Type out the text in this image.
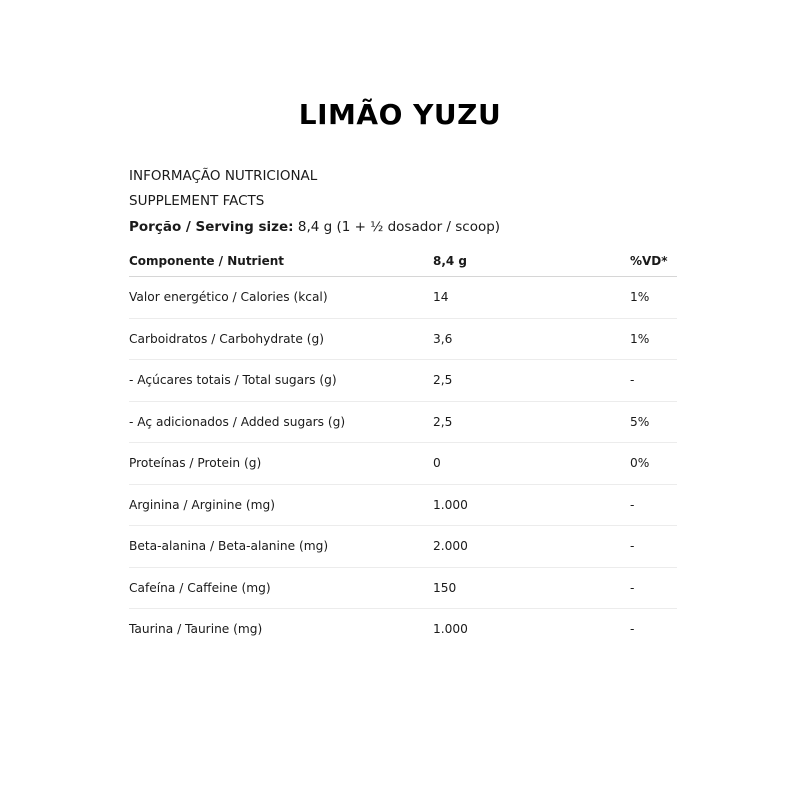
LIMÃO YUZU
INFORMAÇÃO NUTRICIONAL
SUPPLEMENT FACTS
Porção / Serving size: 8,4 g (1 + ½ dosador / scoop)
Componente / Nutrient	8,4 g	%VD*
Valor energético / Calories (kcal)	14	1%
Carboidratos / Carbohydrate (g)	3,6	1%
- Açúcares totais / Total sugars (g)	2,5	-
- Aç adicionados / Added sugars (g)	2,5	5%
Proteínas / Protein (g)	0	0%
Arginina / Arginine (mg)	1.000	-
Beta-alanina / Beta-alanine (mg)	2.000	-
Cafeína / Caffeine (mg)	150	-
Taurina / Taurine (mg)	1.000	-
